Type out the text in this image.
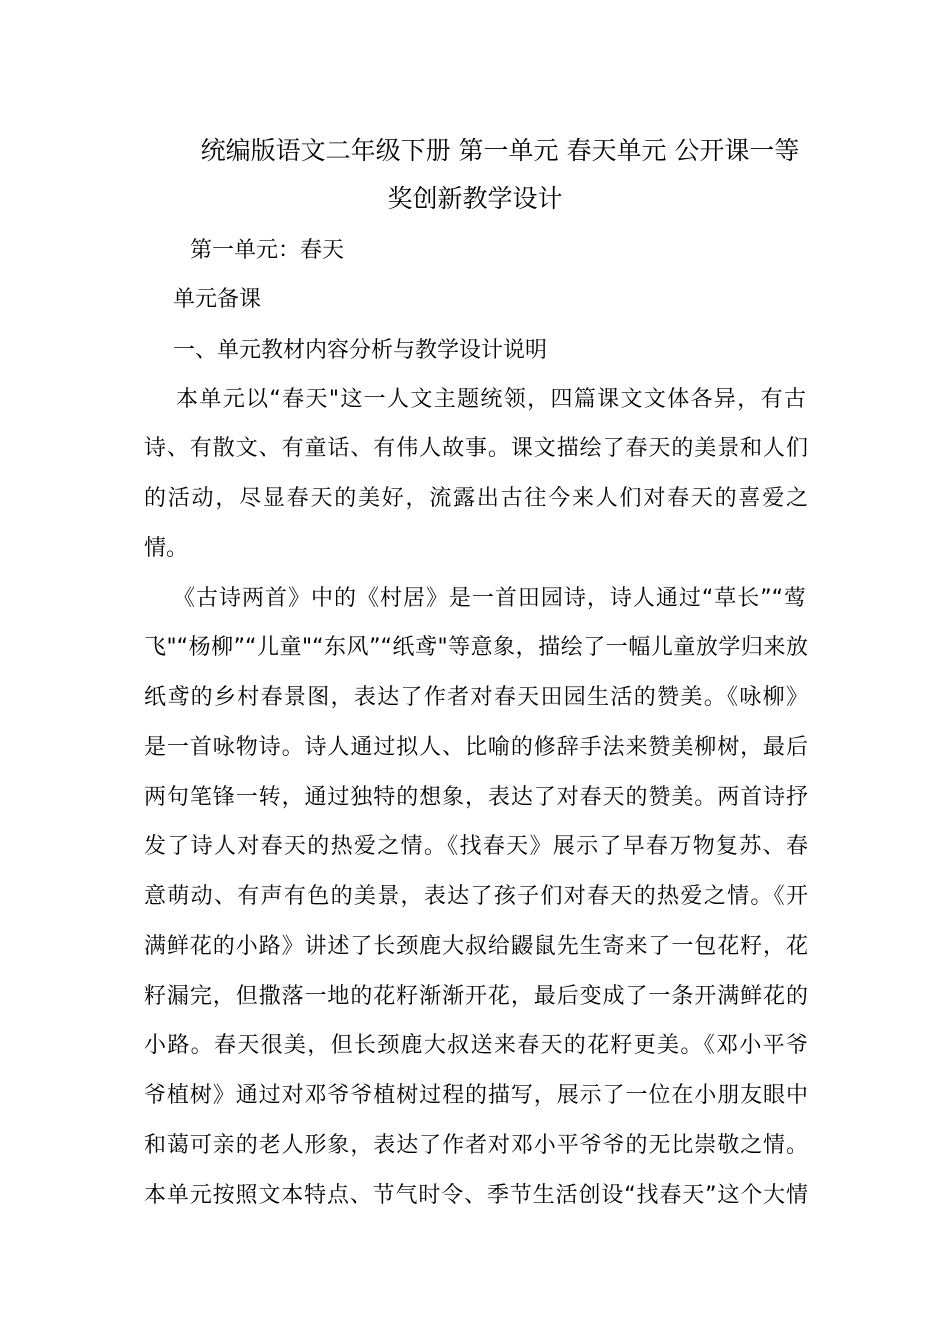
统编版语文二年级下册 第一单元 春天单元 公开课一等
奖创新教学设计
第一单元：春天
单元备课
一、单元教材内容分析与教学设计说明
本单元以“春天"这一人文主题统领，四篇课文文体各异，有古
诗、有散文、有童话、有伟人故事。课文描绘了春天的美景和人们
的活动，尽显春天的美好，流露出古往今来人们对春天的喜爱之
情。
《古诗两首》中的《村居》是一首田园诗，诗人通过“草长”“莺
飞"“杨柳”“儿童"“东风”“纸鸢"等意象，描绘了一幅儿童放学归来放
纸鸢的乡村春景图，表达了作者对春天田园生活的赞美。《咏柳》
是一首咏物诗。诗人通过拟人、比喻的修辞手法来赞美柳树，最后
两句笔锋一转，通过独特的想象，表达了对春天的赞美。两首诗抒
发了诗人对春天的热爱之情。《找春天》展示了早春万物复苏、春
意萌动、有声有色的美景，表达了孩子们对春天的热爱之情。《开
满鲜花的小路》讲述了长颈鹿大叔给鼹鼠先生寄来了一包花籽，花
籽漏完，但撒落一地的花籽渐渐开花，最后变成了一条开满鲜花的
小路。春天很美，但长颈鹿大叔送来春天的花籽更美。《邓小平爷
爷植树》通过对邓爷爷植树过程的描写，展示了一位在小朋友眼中
和蔼可亲的老人形象，表达了作者对邓小平爷爷的无比崇敬之情。
本单元按照文本特点、节气时令、季节生活创设“找春天”这个大情
